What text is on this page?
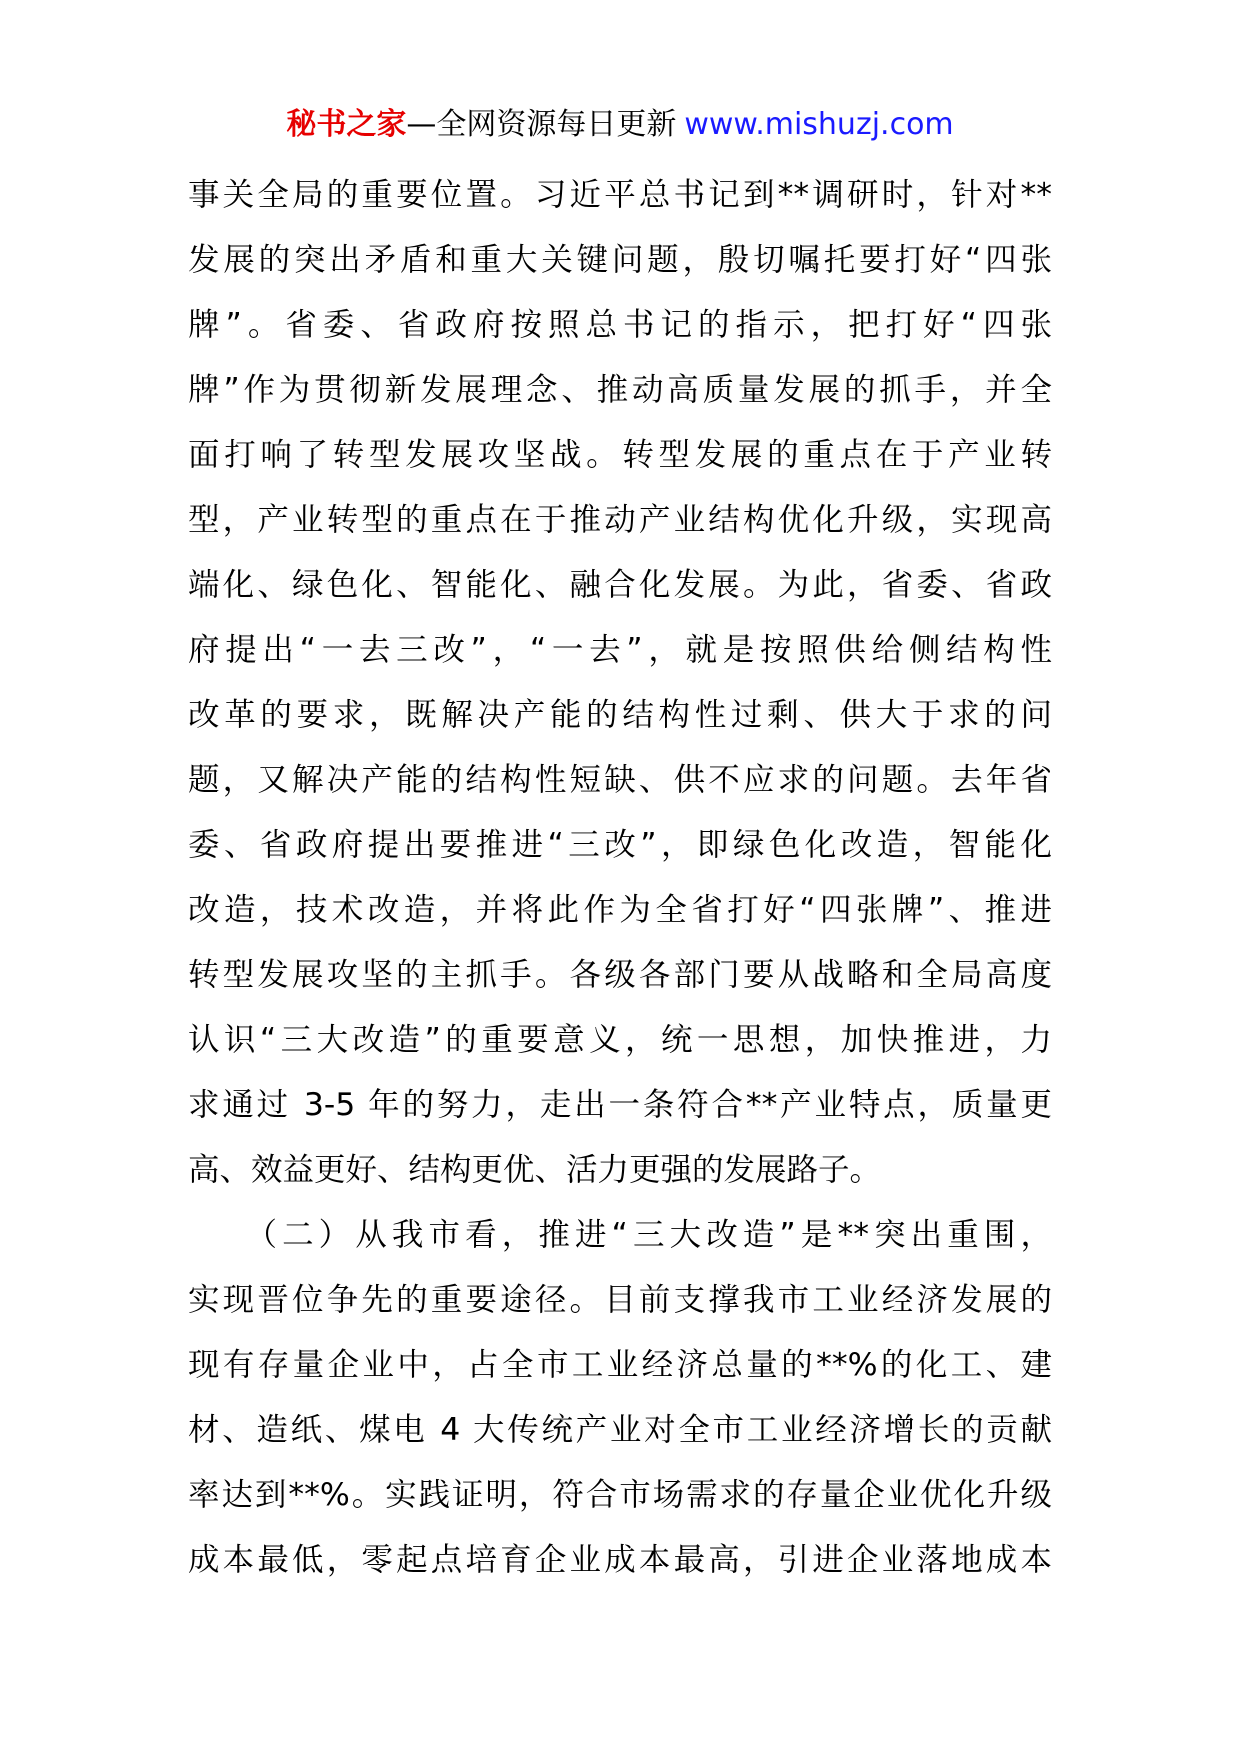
秘书之家—全网资源每日更新 www.mishuzj.com
事关全局的重要位置。习近平总书记到**调研时，针对**
发展的突出矛盾和重大关键问题，殷切嘱托要打好“四张
牌”。省委、省政府按照总书记的指示，把打好“四张
牌”作为贯彻新发展理念、推动高质量发展的抓手，并全
面打响了转型发展攻坚战。转型发展的重点在于产业转
型，产业转型的重点在于推动产业结构优化升级，实现高
端化、绿色化、智能化、融合化发展。为此，省委、省政
府提出“一去三改”，“一去”，就是按照供给侧结构性
改革的要求，既解决产能的结构性过剩、供大于求的问
题，又解决产能的结构性短缺、供不应求的问题。去年省
委、省政府提出要推进“三改”，即绿色化改造，智能化
改造，技术改造，并将此作为全省打好“四张牌”、推进
转型发展攻坚的主抓手。各级各部门要从战略和全局高度
认识“三大改造”的重要意义，统一思想，加快推进，力
求通过 3-5 年的努力，走出一条符合**产业特点，质量更
高、效益更好、结构更优、活力更强的发展路子。
　　（二）从我市看，推进“三大改造”是**突出重围，
实现晋位争先的重要途径。目前支撑我市工业经济发展的
现有存量企业中，占全市工业经济总量的**%的化工、建
材、造纸、煤电 4 大传统产业对全市工业经济增长的贡献
率达到**%。实践证明，符合市场需求的存量企业优化升级
成本最低，零起点培育企业成本最高，引进企业落地成本
